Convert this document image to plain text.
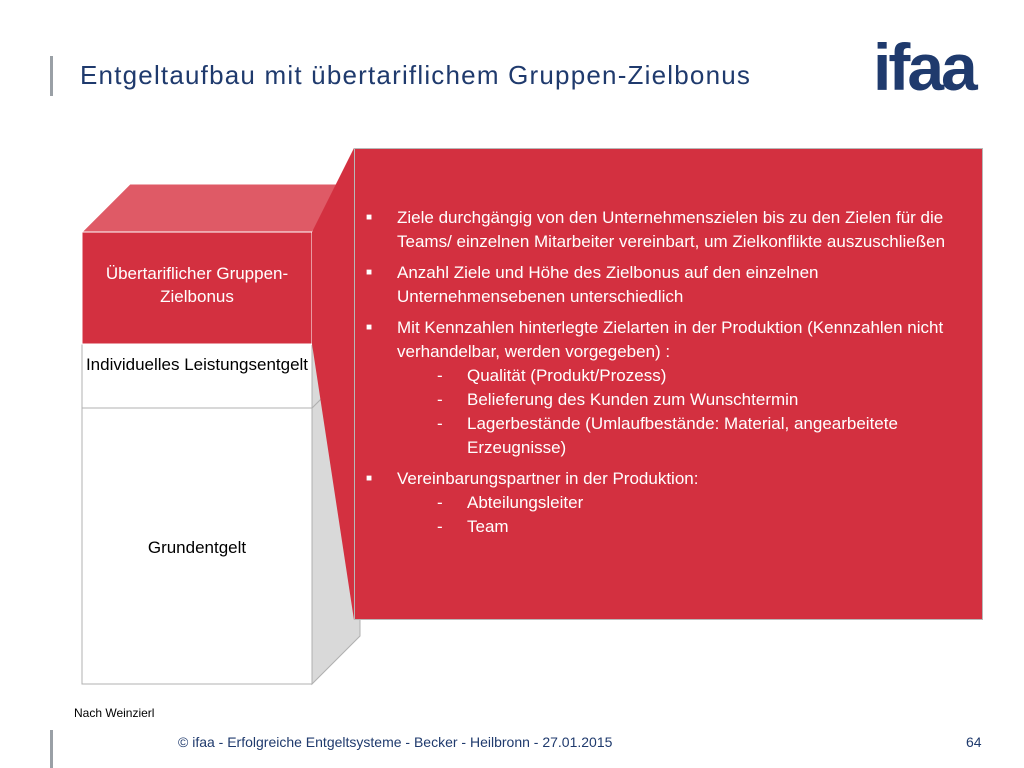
Entgeltaufbau mit übertariflichem Gruppen-Zielbonus ifaa
Übertariflicher Gruppen-Zielbonus
Individuelles Leistungsentgelt
Grundentgelt
■ Ziele durchgängig von den Unternehmenszielen bis zu den Zielen für die Teams/ einzelnen Mitarbeiter vereinbart, um Zielkonflikte auszuschließen
■ Anzahl Ziele und Höhe des Zielbonus auf den einzelnen Unternehmensebenen unterschiedlich
■ Mit Kennzahlen hinterlegte Zielarten in der Produktion (Kennzahlen nicht verhandelbar, werden vorgegeben) :
- Qualität (Produkt/Prozess)
- Belieferung des Kunden zum Wunschtermin
- Lagerbestände (Umlaufbestände: Material, angearbeitete Erzeugnisse)
■ Vereinbarungspartner in der Produktion:
- Abteilungsleiter
- Team
Nach Weinzierl
© ifaa - Erfolgreiche Entgeltsysteme - Becker - Heilbronn - 27.01.2015	64
